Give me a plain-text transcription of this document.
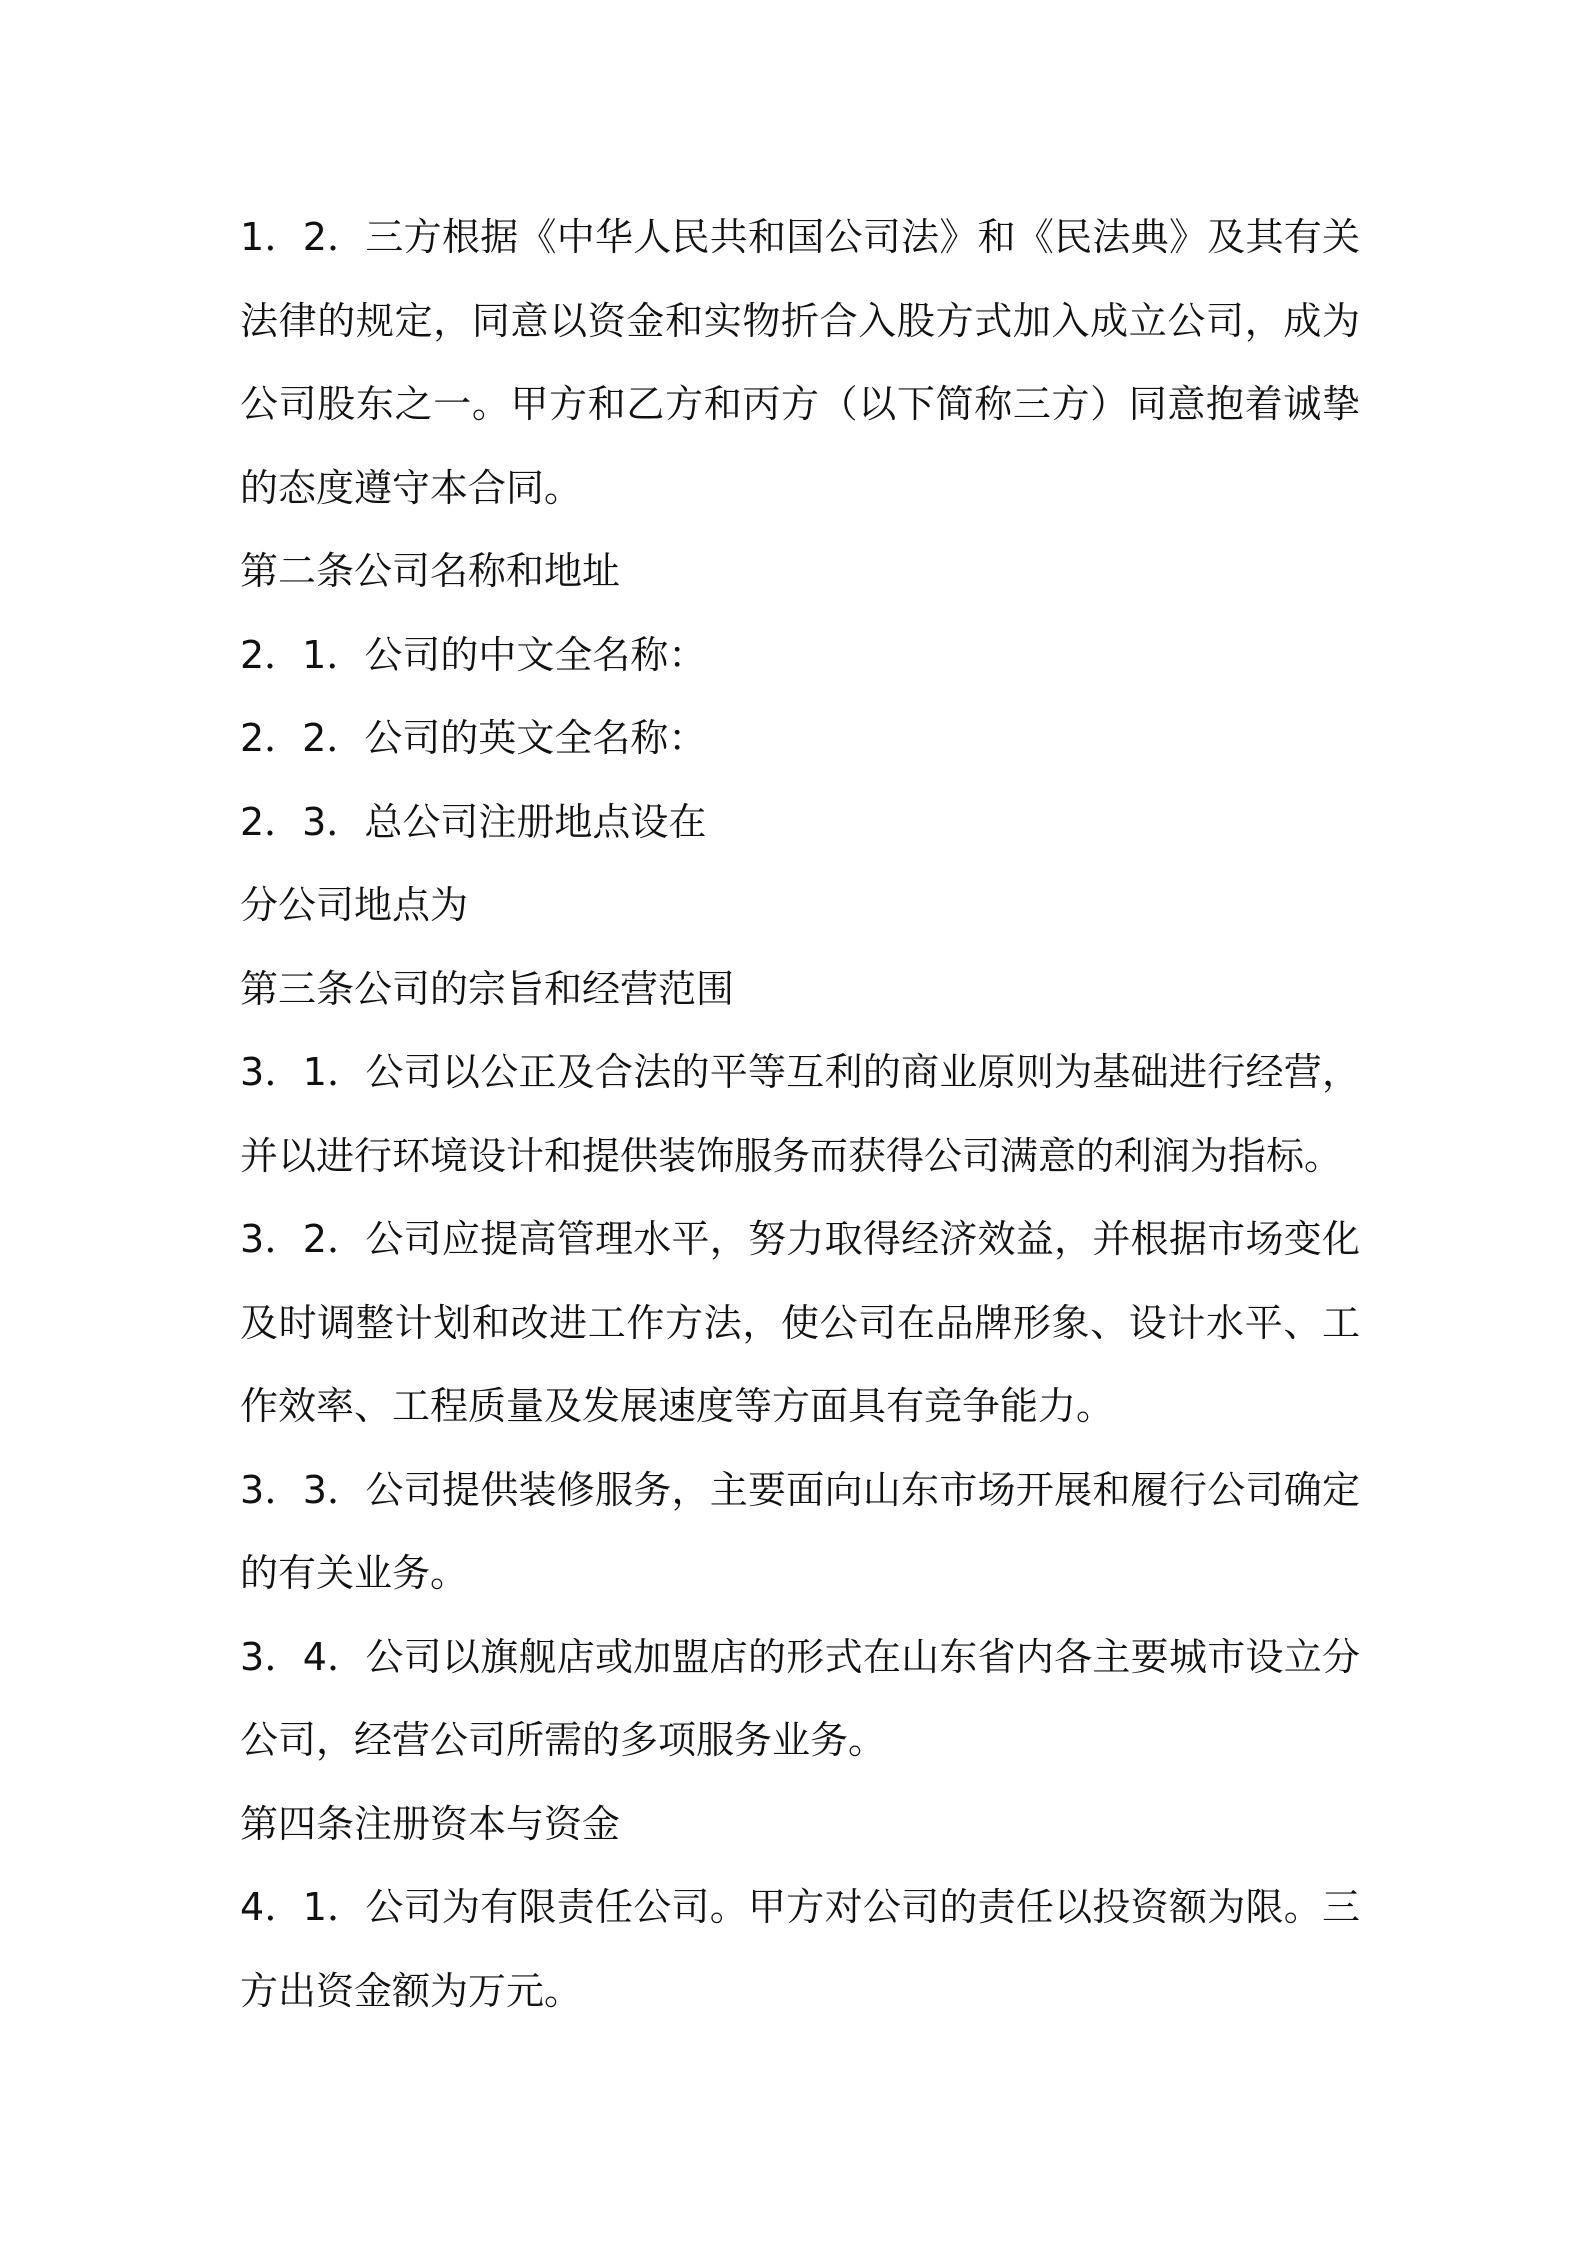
1．2．三方根据《中华人民共和国公司法》和《民法典》及其有关法律的规定，同意以资金和实物折合入股方式加入成立公司，成为公司股东之一。甲方和乙方和丙方（以下简称三方）同意抱着诚挚的态度遵守本合同。

第二条公司名称和地址

2．1．公司的中文全名称：

2．2．公司的英文全名称：

2．3．总公司注册地点设在

分公司地点为

第三条公司的宗旨和经营范围

3．1．公司以公正及合法的平等互利的商业原则为基础进行经营，并以进行环境设计和提供装饰服务而获得公司满意的利润为指标。

3．2．公司应提高管理水平，努力取得经济效益，并根据市场变化及时调整计划和改进工作方法，使公司在品牌形象、设计水平、工作效率、工程质量及发展速度等方面具有竞争能力。

3．3．公司提供装修服务，主要面向山东市场开展和履行公司确定的有关业务。

3．4．公司以旗舰店或加盟店的形式在山东省内各主要城市设立分公司，经营公司所需的多项服务业务。

第四条注册资本与资金

4．1．公司为有限责任公司。甲方对公司的责任以投资额为限。三方出资金额为万元。
